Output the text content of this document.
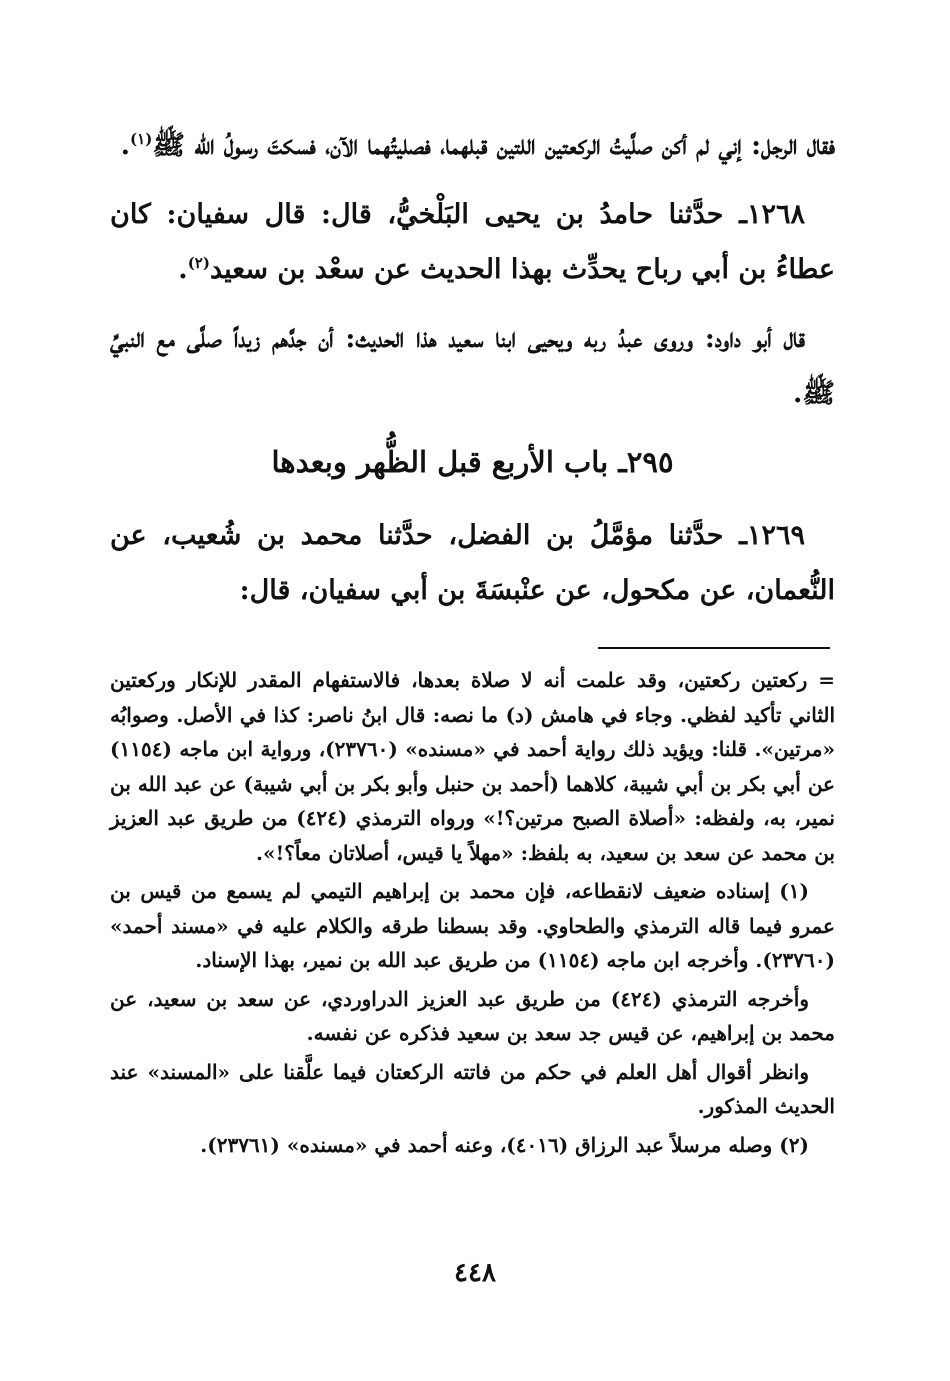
فقال الرجل: إني لم أكن صلَّيتُ الركعتين اللتين قبلهما، فصليتُهما الآن، فسكتَ رسولُ الله ﷺ$^{(١)}$.

١٢٦٨ـ حدَّثنا حامدُ بن يحيى البَلْخيُّ، قال: قال سفيان: كان عطاءُ بن أبي رباح يحدِّث بهذا الحديث عن سعْد بن سعيد$^{(٢)}$.

قال أبو داود: وروى عبدُ ربه ويحيى ابنا سعيد هذا الحديث: أن جدَّهم زيداً صلَّى مع النبيِّ ﷺ.

٢٩٥ـ باب الأربع قبل الظُّهر وبعدها

١٢٦٩ـ حدَّثنا مؤمَّلُ بن الفضل، حدَّثنا محمد بن شُعيب، عن النُّعمان، عن مكحول، عن عنْبسَةَ بن أبي سفيان، قال:

= ركعتين ركعتين، وقد علمت أنه لا صلاة بعدها، فالاستفهام المقدر للإنكار وركعتين الثاني تأكيد لفظي. وجاء في هامش (د) ما نصه: قال ابنُ ناصر: كذا في الأصل. وصوابُه «مرتين». قلنا: ويؤيد ذلك رواية أحمد في «مسنده» (٢٣٧٦٠)، ورواية ابن ماجه (١١٥٤) عن أبي بكر بن أبي شيبة، كلاهما (أحمد بن حنبل وأبو بكر بن أبي شيبة) عن عبد الله بن نمير، به، ولفظه: «أصلاة الصبح مرتين؟!» ورواه الترمذي (٤٢٤) من طريق عبد العزيز بن محمد عن سعد بن سعيد، به بلفظ: «مهلاً يا قيس، أصلاتان معاً؟!».

(١) إسناده ضعيف لانقطاعه، فإن محمد بن إبراهيم التيمي لم يسمع من قيس بن عمرو فيما قاله الترمذي والطحاوي. وقد بسطنا طرقه والكلام عليه في «مسند أحمد» (٢٣٧٦٠). وأخرجه ابن ماجه (١١٥٤) من طريق عبد الله بن نمير، بهذا الإسناد.

وأخرجه الترمذي (٤٢٤) من طريق عبد العزيز الدراوردي، عن سعد بن سعيد، عن محمد بن إبراهيم، عن قيس جد سعد بن سعيد فذكره عن نفسه.

وانظر أقوال أهل العلم في حكم من فاتته الركعتان فيما علَّقنا على «المسند» عند الحديث المذكور.

(٢) وصله مرسلاً عبد الرزاق (٤٠١٦)، وعنه أحمد في «مسنده» (٢٣٧٦١).

٤٤٨
